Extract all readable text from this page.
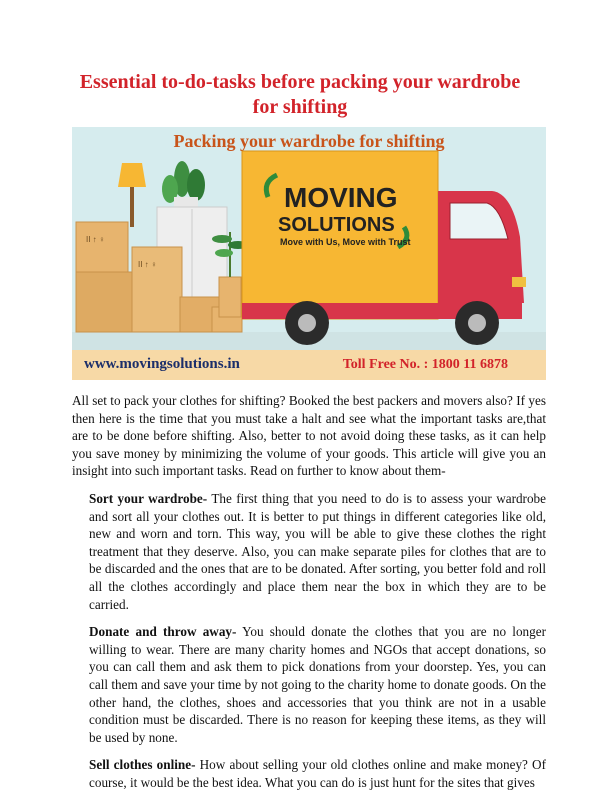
Essential to-do-tasks before packing your wardrobe for shifting
Packing your wardrobe for shifting
II ↑ ♀
II ↑ ♀
MOVING
SOLUTIONS
Move with Us, Move with Trust
www.movingsolutions.in	Toll Free No. : 1800 11 6878

All set to pack your clothes for shifting? Booked the best packers and movers also? If yes then here is the time that you must take a halt and see what the important tasks are,that are to be done before shifting. Also, better to not avoid doing these tasks, as it can help you save money by minimizing the volume of your goods. This article will give you an insight into such important tasks. Read on further to know about them-

Sort your wardrobe- The first thing that you need to do is to assess your wardrobe and sort all your clothes out. It is better to put things in different categories like old, new and worn and torn. This way, you will be able to give these clothes the right treatment that they deserve. Also, you can make separate piles for clothes that are to be discarded and the ones that are to be donated. After sorting, you better fold and roll all the clothes accordingly and place them near the box in which they are to be carried.

Donate and throw away- You should donate the clothes that you are no longer willing to wear. There are many charity homes and NGOs that accept donations, so you can call them and ask them to pick donations from your doorstep. Yes, you can call them and save your time by not going to the charity home to donate goods. On the other hand, the clothes, shoes and accessories that you think are not in a usable condition must be discarded. There is no reason for keeping these items, as they will be used by none.

Sell clothes online- How about selling your old clothes online and make money? Of course, it would be the best idea. What you can do is just hunt for the sites that gives
